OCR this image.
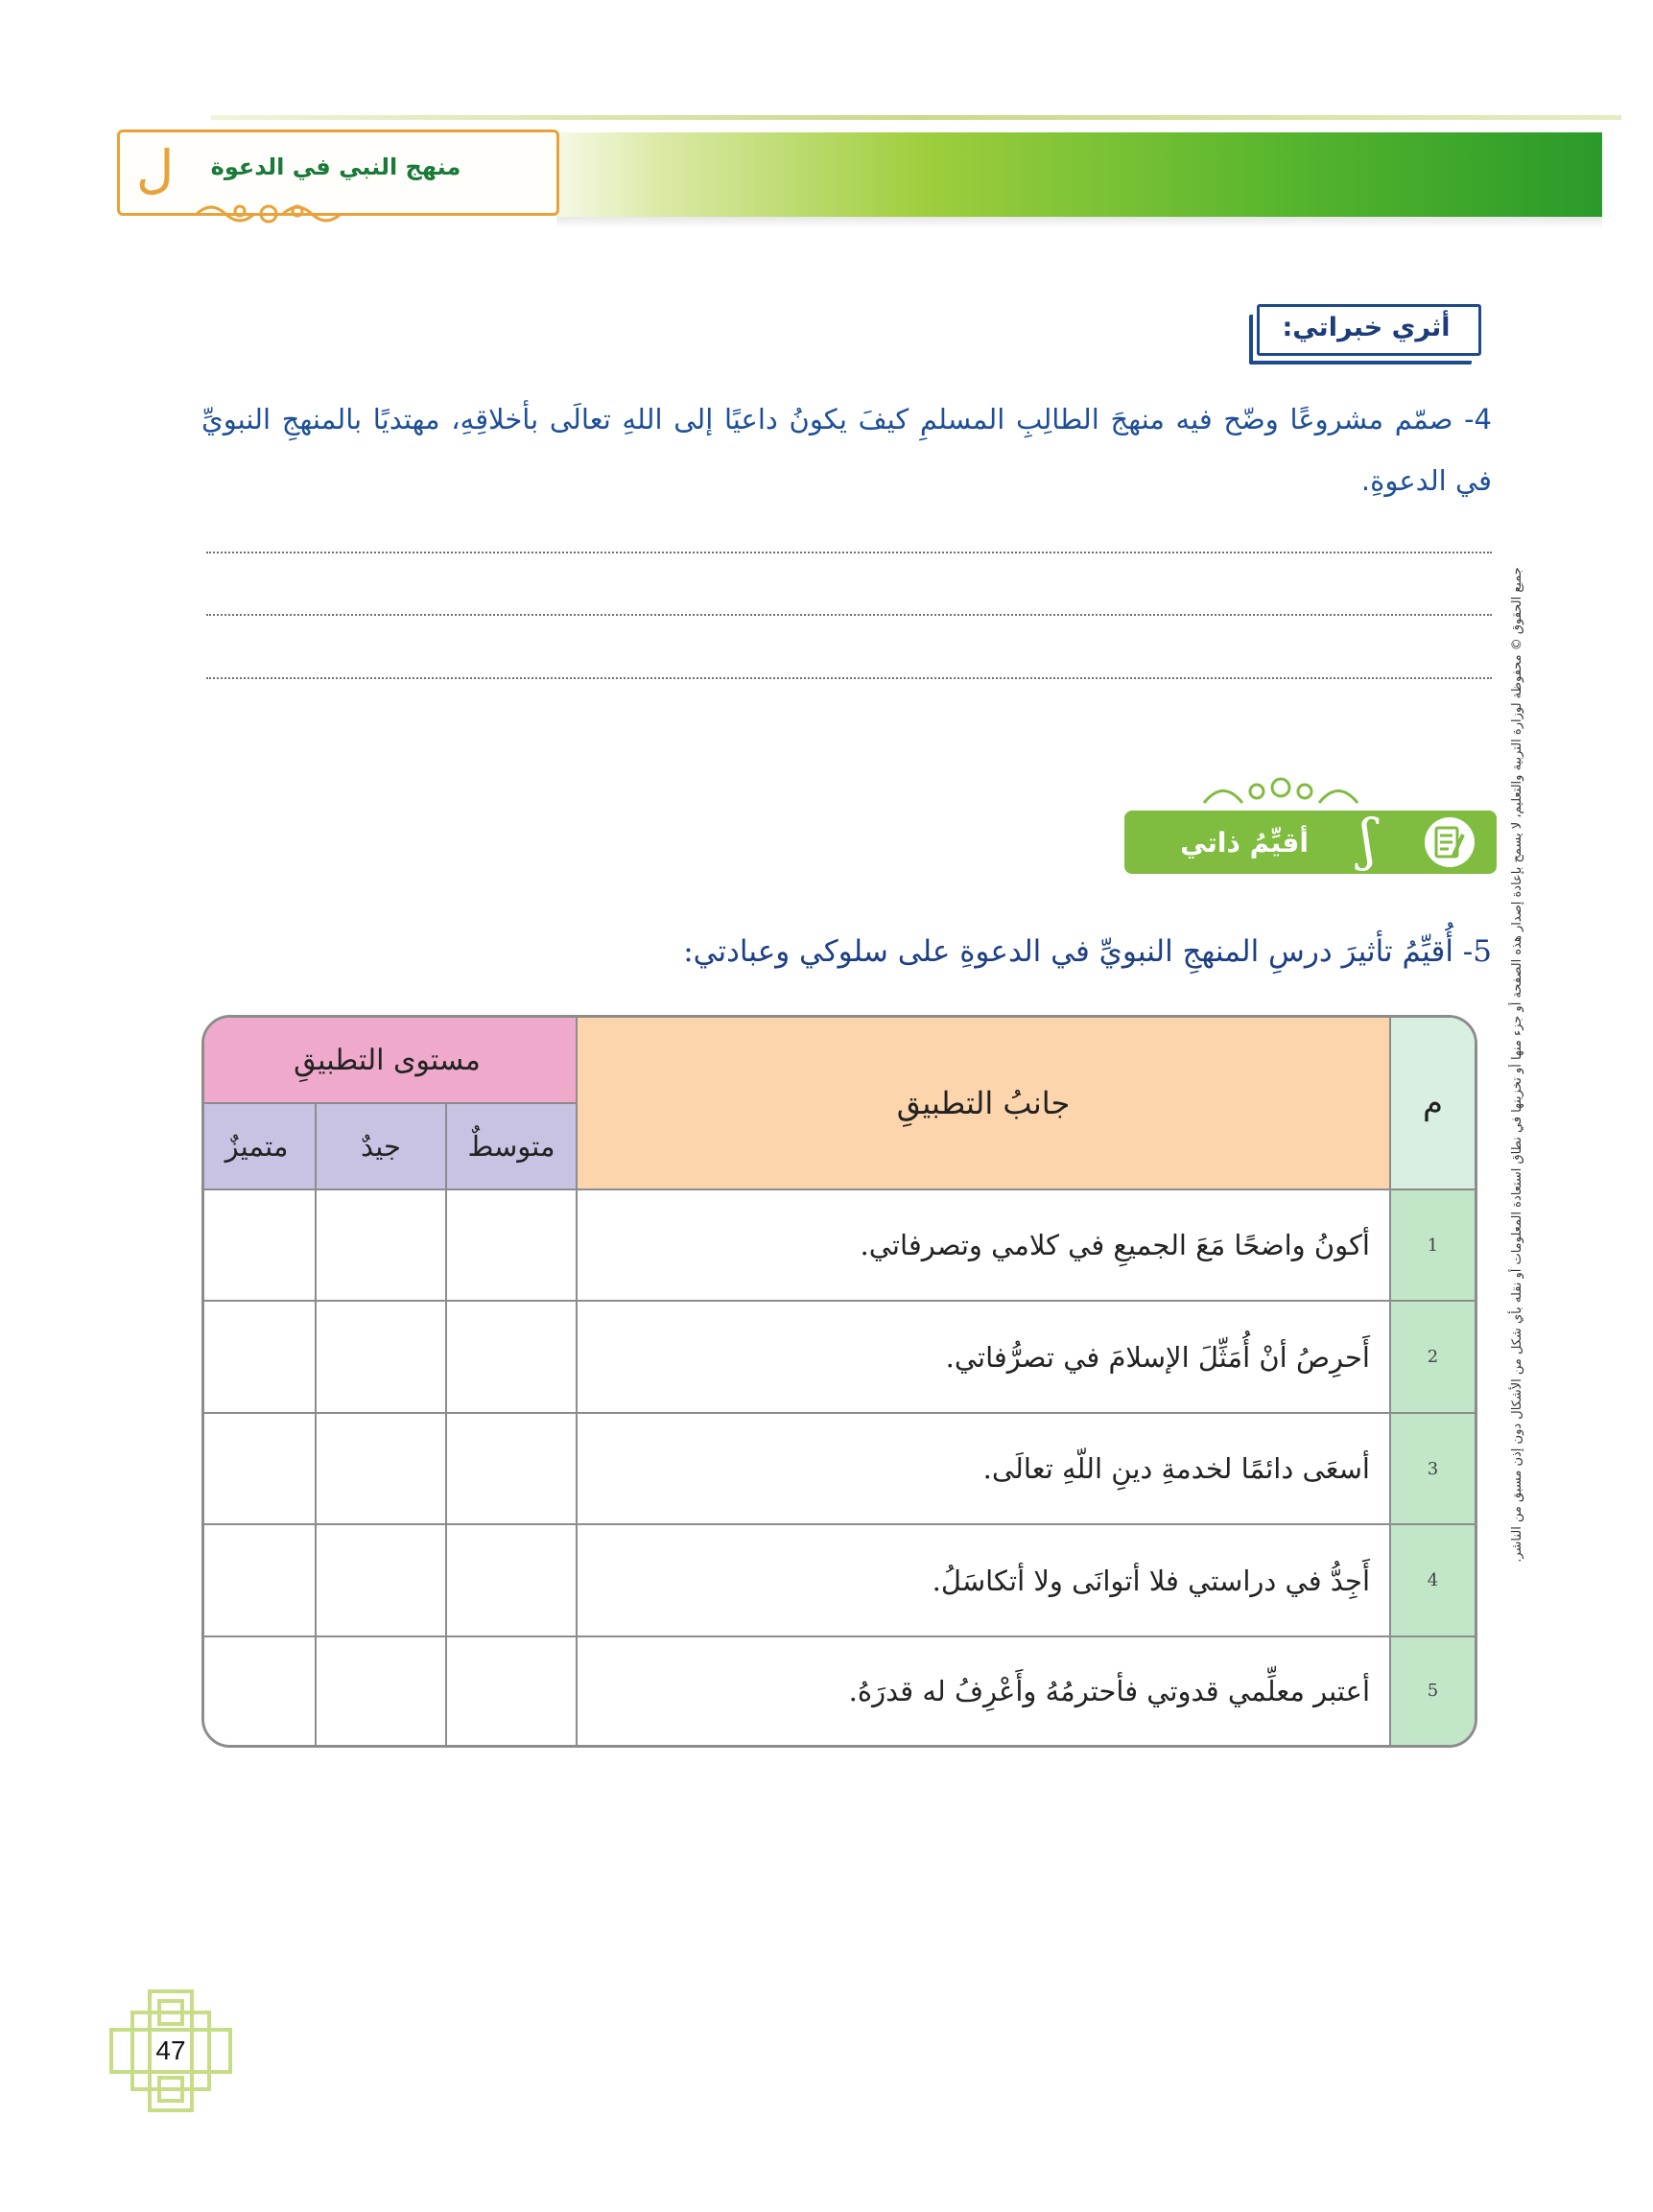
ل	منهج النبي في الدعوة
أثري خبراتي:
4- صمّم مشروعًا وضّح فيه منهجَ الطالِبِ المسلمِ كيفَ يكونُ داعيًا إلى اللهِ تعالَى بأخلاقِهِ، مهتديًا بالمنهجِ النبويِّ في الدعوةِ.
أقيِّمُ ذاتي ʃ
5- أُقيِّمُ تأثيرَ درسِ المنهجِ النبويِّ في الدعوةِ على سلوكي وعبادتي:
م	جانبُ التطبيقِ	مستوى التطبيقِ		
		متوسطٌ	جيدٌ	متميزٌ
1	أكونُ واضحًا مَعَ الجميعِ في كلامي وتصرفاتي.			
2	أَحرِصُ أنْ أُمَثِّلَ الإسلامَ في تصرُّفاتي.			
3	أسعَى دائمًا لخدمةِ دينِ اللّهِ تعالَى.			
4	أَجِدُّ في دراستي فلا أتوانَى ولا أتكاسَلُ.			
5	أعتبر معلِّمي قدوتي فأحترمُهُ وأَعْرِفُ له قدرَهُ.			
جميع الحقوق © محفوظة لوزارة التربية والتعليم، لا يسمح بإعادة إصدار هذه الصفحة أو جزء منها أو تخزينها في نطاق استعادة المعلومات أو نقله بأي شكل من الأشكال دون إذن مسبق من الناشر.
47
